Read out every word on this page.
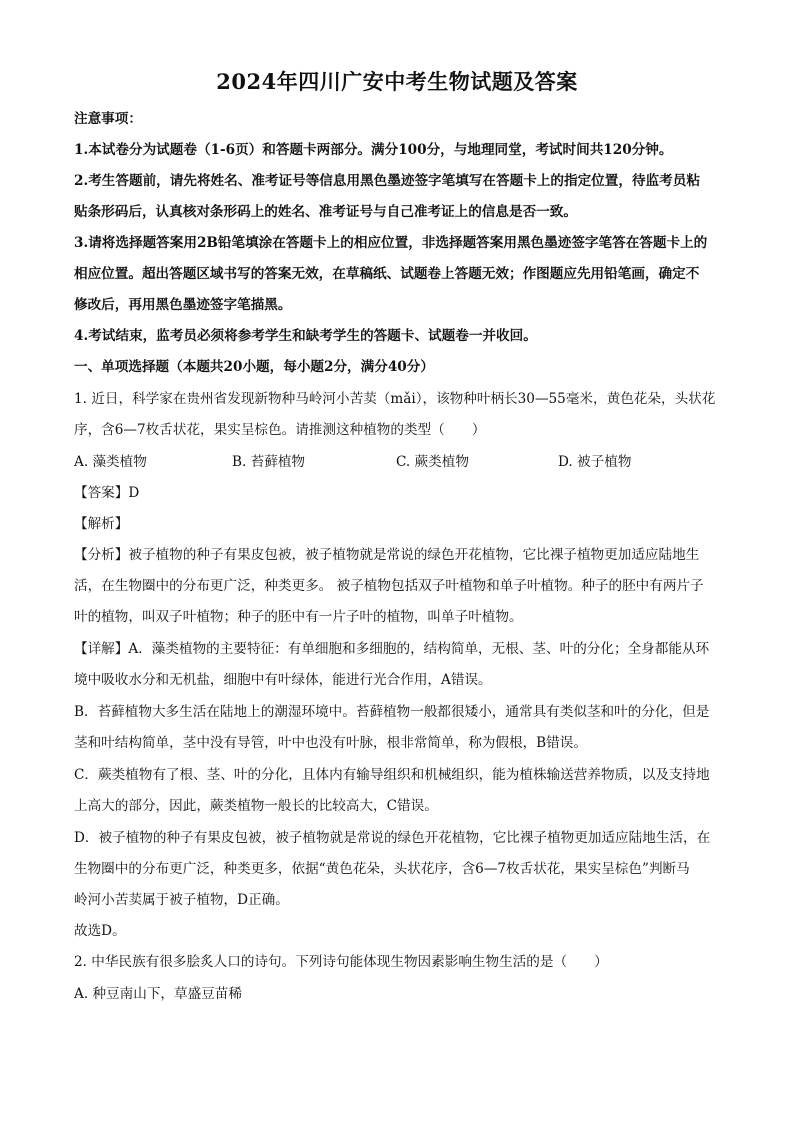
2024年四川广安中考生物试题及答案
注意事项：
1.本试卷分为试题卷（1-6页）和答题卡两部分。满分100分，与地理同堂，考试时间共120分钟。
2.考生答题前，请先将姓名、准考证号等信息用黑色墨迹签字笔填写在答题卡上的指定位置，待监考员粘
贴条形码后，认真核对条形码上的姓名、准考证号与自己准考证上的信息是否一致。
3.请将选择题答案用2B铅笔填涂在答题卡上的相应位置，非选择题答案用黑色墨迹签字笔答在答题卡上的
相应位置。超出答题区域书写的答案无效，在草稿纸、试题卷上答题无效；作图题应先用铅笔画，确定不
修改后，再用黑色墨迹签字笔描黑。
4.考试结束，监考员必须将参考学生和缺考学生的答题卡、试题卷一并收回。
一、单项选择题（本题共20小题，每小题2分，满分40分）
1. 近日，科学家在贵州省发现新物种马岭河小苦荬（mǎi），该物种叶柄长30—55毫米，黄色花朵，头状花
序，含6—7枚舌状花，果实呈棕色。请推测这种植物的类型（　　）
A. 藻类植物	B. 苔藓植物	C. 蕨类植物	D. 被子植物
【答案】D
【解析】
【分析】被子植物的种子有果皮包被，被子植物就是常说的绿色开花植物，它比裸子植物更加适应陆地生
活，在生物圈中的分布更广泛，种类更多。 被子植物包括双子叶植物和单子叶植物。种子的胚中有两片子
叶的植物，叫双子叶植物；种子的胚中有一片子叶的植物，叫单子叶植物。
【详解】A．藻类植物的主要特征：有单细胞和多细胞的，结构简单，无根、茎、叶的分化；全身都能从环
境中吸收水分和无机盐，细胞中有叶绿体，能进行光合作用，A错误。
B．苔藓植物大多生活在陆地上的潮湿环境中。苔藓植物一般都很矮小，通常具有类似茎和叶的分化，但是
茎和叶结构简单，茎中没有导管，叶中也没有叶脉，根非常简单，称为假根，B错误。
C．蕨类植物有了根、茎、叶的分化，且体内有输导组织和机械组织，能为植株输送营养物质，以及支持地
上高大的部分，因此，蕨类植物一般长的比较高大，C错误。
D．被子植物的种子有果皮包被，被子植物就是常说的绿色开花植物，它比裸子植物更加适应陆地生活，在
生物圈中的分布更广泛，种类更多，依据“黄色花朵，头状花序，含6—7枚舌状花，果实呈棕色”判断马
岭河小苦荬属于被子植物，D正确。
故选D。
2. 中华民族有很多脍炙人口的诗句。下列诗句能体现生物因素影响生物生活的是（　　）
A. 种豆南山下，草盛豆苗稀
